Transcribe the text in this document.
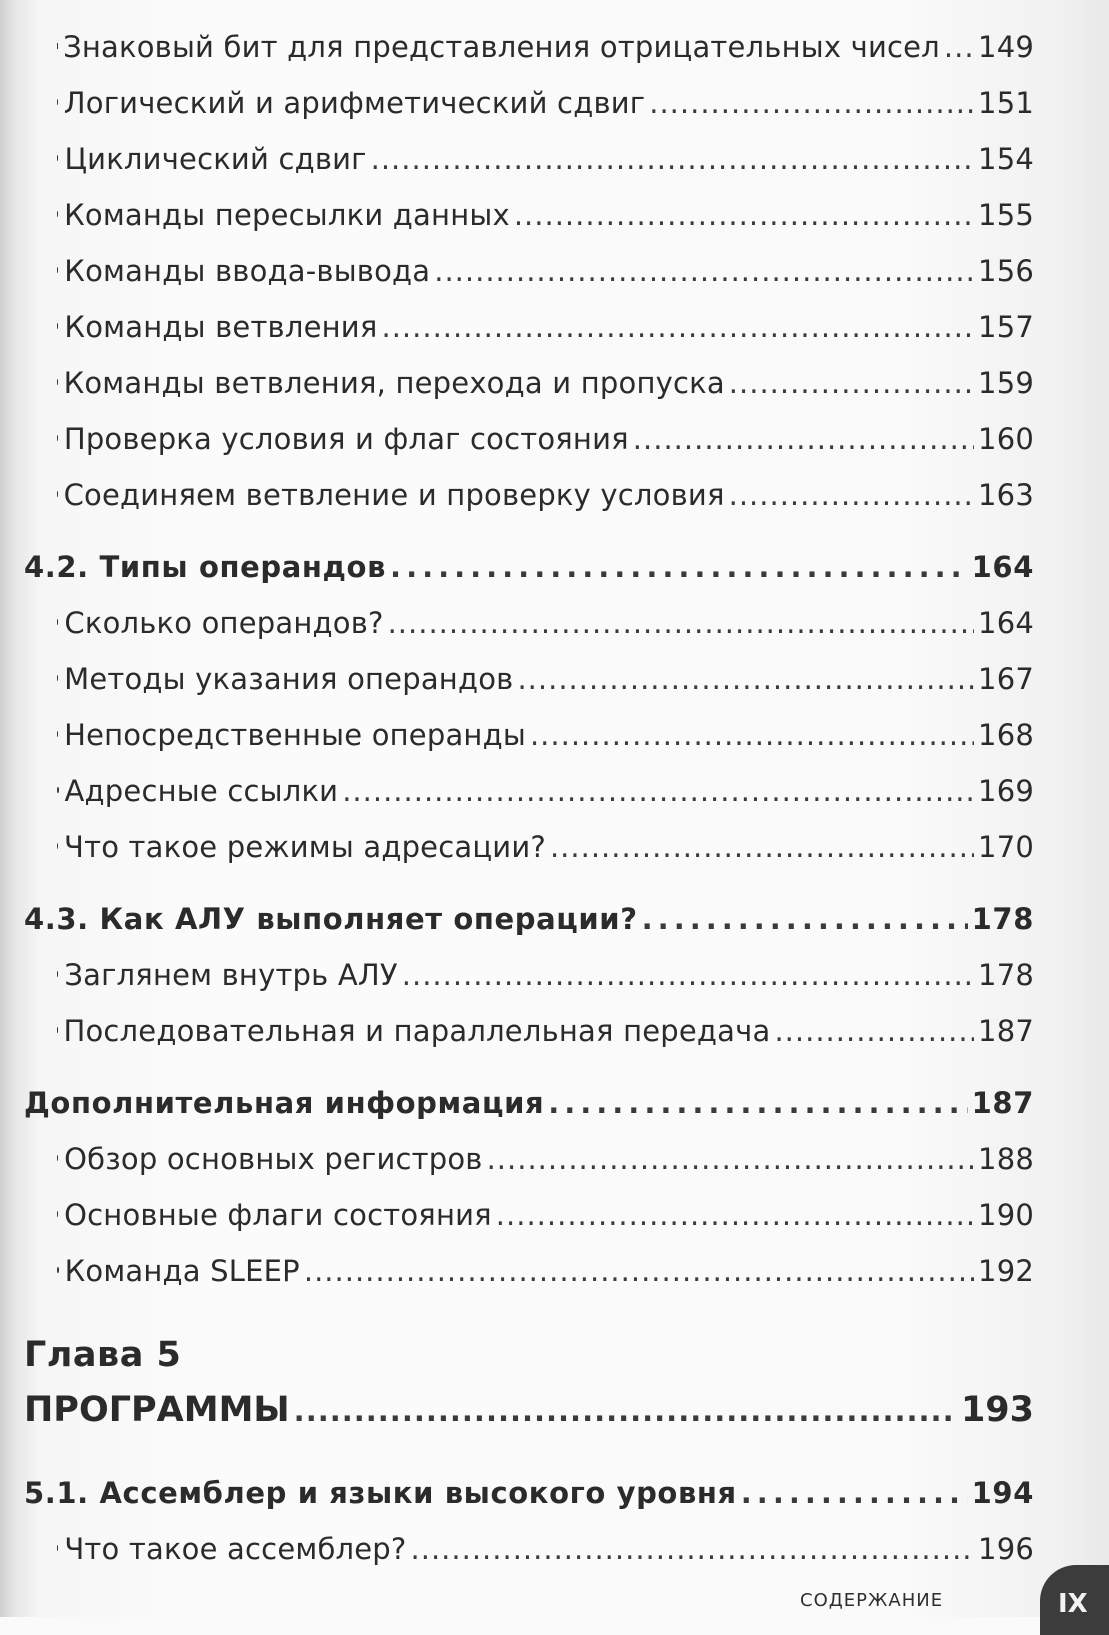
Знаковый бит для представления отрицательных чисел ..... 149
Логический и арифметический сдвиг .....	151
Циклический сдвиг .....	154
Команды пересылки данных .....	155
Команды ввода-вывода .....	156
Команды ветвления .....	157
Команды ветвления, перехода и пропуска .....	159
Проверка условия и флаг состояния .....	160
Соединяем ветвление и проверку условия .....	163
4.2. Типы операндов .....	164
Сколько операндов? .....	164
Методы указания операндов .....	167
Непосредственные операнды .....	168
Адресные ссылки .....	169
Что такое режимы адресации? .....	170
4.3. Как АЛУ выполняет операции? .....	178
Заглянем внутрь АЛУ .....	178
Последовательная и параллельная передача .....	187
Дополнительная информация .....	187
Обзор основных регистров .....	188
Основные флаги состояния .....	190
Команда SLEEP .....	192
Глава 5
ПРОГРАММЫ .....	193
5.1. Ассемблер и языки высокого уровня .....	194
Что такое ассемблер? .....	196
СОДЕРЖАНИЕ	IX
